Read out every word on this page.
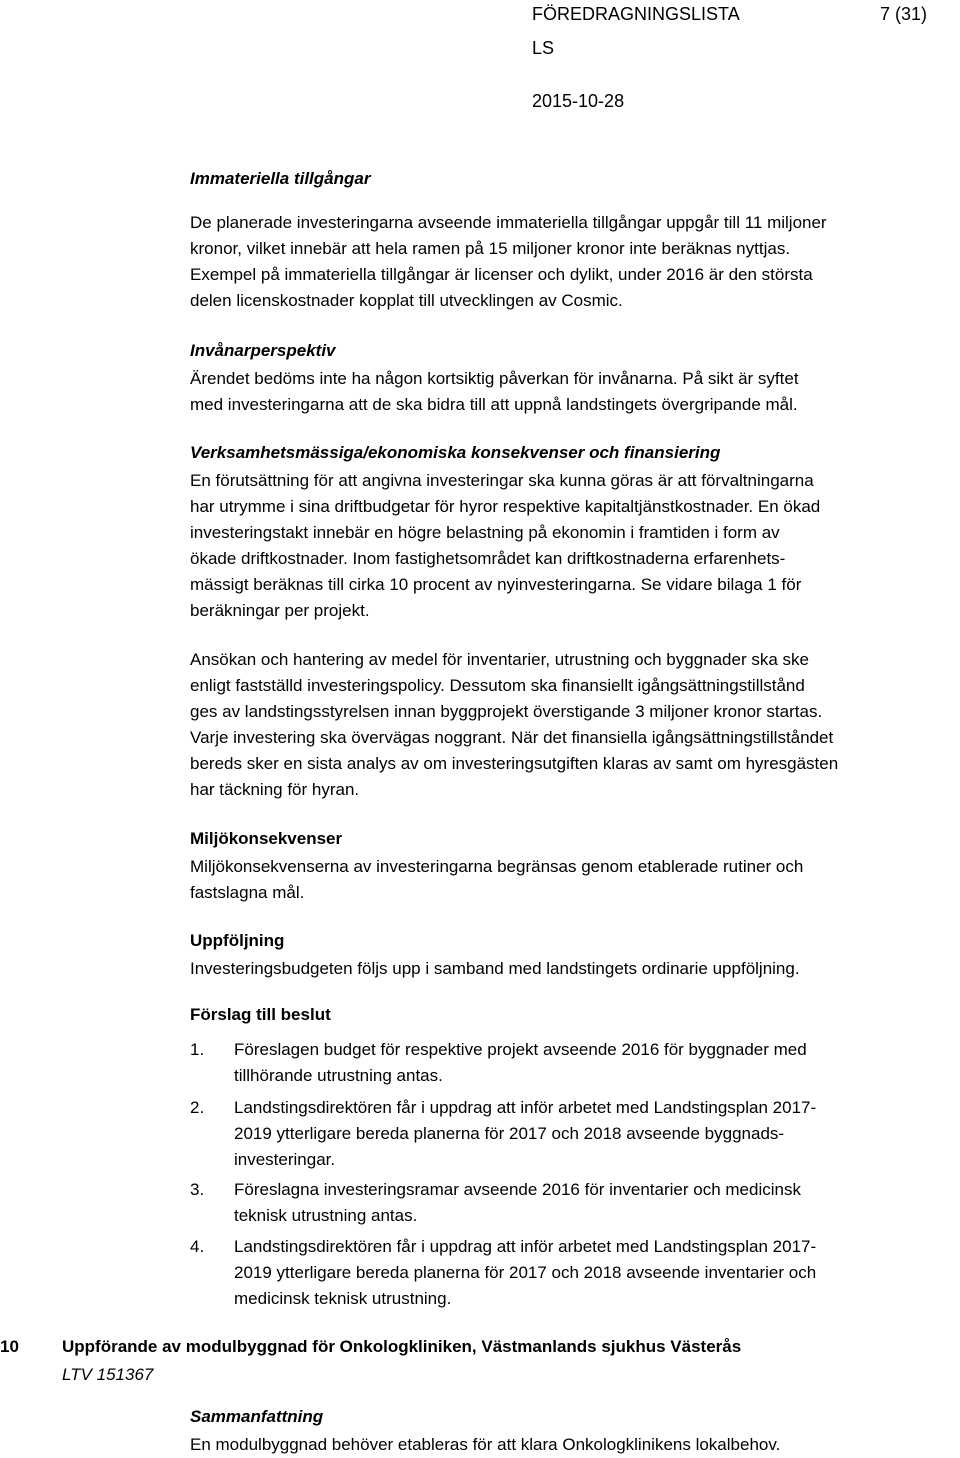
FÖREDRAGNINGSLISTA	7 (31)
LS
2015-10-28
Immateriella tillgångar

De planerade investeringarna avseende immateriella tillgångar uppgår till 11 miljoner

kronor, vilket innebär att hela ramen på 15 miljoner kronor inte beräknas nyttjas.

Exempel på immateriella tillgångar är licenser och dylikt, under 2016 är den största

delen licenskostnader kopplat till utvecklingen av Cosmic.

Invånarperspektiv

Ärendet bedöms inte ha någon kortsiktig påverkan för invånarna. På sikt är syftet

med investeringarna att de ska bidra till att uppnå landstingets övergripande mål.

Verksamhetsmässiga/ekonomiska konsekvenser och finansiering

En förutsättning för att angivna investeringar ska kunna göras är att förvaltningarna

har utrymme i sina driftbudgetar för hyror respektive kapitaltjänstkostnader. En ökad

investeringstakt innebär en högre belastning på ekonomin i framtiden i form av

ökade driftkostnader. Inom fastighetsområdet kan driftkostnaderna erfarenhets-

mässigt beräknas till cirka 10 procent av nyinvesteringarna. Se vidare bilaga 1 för

beräkningar per projekt.

Ansökan och hantering av medel för inventarier, utrustning och byggnader ska ske

enligt fastställd investeringspolicy. Dessutom ska finansiellt igångsättningstillstånd

ges av landstingsstyrelsen innan byggprojekt överstigande 3 miljoner kronor startas.

Varje investering ska övervägas noggrant. När det finansiella igångsättningstillståndet

bereds sker en sista analys av om investeringsutgiften klaras av samt om hyresgästen

har täckning för hyran.

Miljökonsekvenser

Miljökonsekvenserna av investeringarna begränsas genom etablerade rutiner och

fastslagna mål.

Uppföljning

Investeringsbudgeten följs upp i samband med landstingets ordinarie uppföljning.

Förslag till beslut
1.	Föreslagen budget för respektive projekt avseende 2016 för byggnader med

tillhörande utrustning antas.

2.	Landstingsdirektören får i uppdrag att inför arbetet med Landstingsplan 2017-

2019 ytterligare bereda planerna för 2017 och 2018 avseende byggnads-

investeringar.

3.	Föreslagna investeringsramar avseende 2016 för inventarier och medicinsk

teknisk utrustning antas.

4.	Landstingsdirektören får i uppdrag att inför arbetet med Landstingsplan 2017-

2019 ytterligare bereda planerna för 2017 och 2018 avseende inventarier och

medicinsk teknisk utrustning.

10	Uppförande av modulbyggnad för Onkologkliniken, Västmanlands sjukhus Västerås
LTV 151367
Sammanfattning
En modulbyggnad behöver etableras för att klara Onkologklinikens lokalbehov.
